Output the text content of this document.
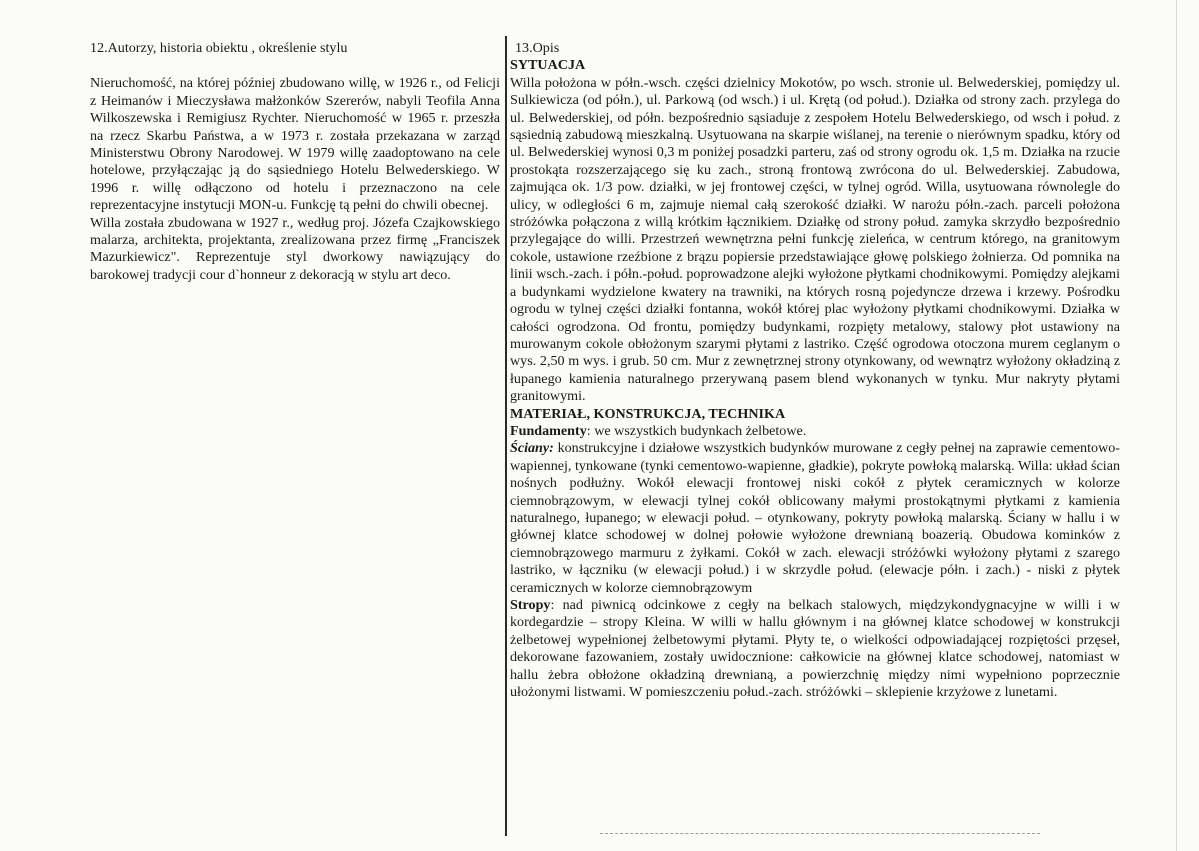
12.Autorzy, historia obiektu , określenie stylu

Nieruchomość, na której później zbudowano willę, w 1926 r., od Felicji z Heimanów i Mieczysława małżonków Szererów, nabyli Teofila Anna Wilkoszewska i Remigiusz Rychter. Nieruchomość w 1965 r. przeszła na rzecz Skarbu Państwa, a w 1973 r. została przekazana w zarząd Ministerstwu Obrony Narodowej. W 1979 willę zaadoptowano na cele hotelowe, przyłączając ją do sąsiedniego Hotelu Belwederskiego. W 1996 r. willę odłączono od hotelu i przeznaczono na cele reprezentacyjne instytucji MON-u. Funkcję tą pełni do chwili obecnej.

Willa została zbudowana w 1927 r., według proj. Józefa Czajkowskiego malarza, architekta, projektanta, zrealizowana przez firmę „Franciszek Mazurkiewicz". Reprezentuje styl dworkowy nawiązujący do barokowej tradycji cour d`honneur z dekoracją w stylu art deco.

13.Opis
SYTUACJA

Willa położona w półn.-wsch. części dzielnicy Mokotów, po wsch. stronie ul. Belwederskiej, pomiędzy ul. Sulkiewicza (od półn.), ul. Parkową (od wsch.) i ul. Krętą (od połud.). Działka od strony zach. przylega do ul. Belwederskiej, od półn. bezpośrednio sąsiaduje z zespołem Hotelu Belwederskiego, od wsch i połud. z sąsiednią zabudową mieszkalną. Usytuowana na skarpie wiślanej, na terenie o nierównym spadku, który od ul. Belwederskiej wynosi 0,3 m poniżej posadzki parteru, zaś od strony ogrodu ok. 1,5 m. Działka na rzucie prostokąta rozszerzającego się ku zach., stroną frontową zwrócona do ul. Belwederskiej. Zabudowa, zajmująca ok. 1/3 pow. działki, w jej frontowej części, w tylnej ogród. Willa, usytuowana równolegle do ulicy, w odległości 6 m, zajmuje niemal całą szerokość działki. W narożu półn.-zach. parceli położona stróżówka połączona z willą krótkim łącznikiem. Działkę od strony połud. zamyka skrzydło bezpośrednio przylegające do willi. Przestrzeń wewnętrzna pełni funkcję zieleńca, w centrum którego, na granitowym cokole, ustawione rzeźbione z brązu popiersie przedstawiające głowę polskiego żołnierza. Od pomnika na linii wsch.-zach. i półn.-połud. poprowadzone alejki wyłożone płytkami chodnikowymi. Pomiędzy alejkami a budynkami wydzielone kwatery na trawniki, na których rosną pojedyncze drzewa i krzewy. Pośrodku ogrodu w tylnej części działki fontanna, wokół której plac wyłożony płytkami chodnikowymi. Działka w całości ogrodzona. Od frontu, pomiędzy budynkami, rozpięty metalowy, stalowy płot ustawiony na murowanym cokole obłożonym szarymi płytami z lastriko. Część ogrodowa otoczona murem ceglanym o wys. 2,50 m wys. i grub. 50 cm. Mur z zewnętrznej strony otynkowany, od wewnątrz wyłożony okładziną z łupanego kamienia naturalnego przerywaną pasem blend wykonanych w tynku. Mur nakryty płytami granitowymi.

MATERIAŁ, KONSTRUKCJA, TECHNIKA

Fundamenty: we wszystkich budynkach żelbetowe.

Ściany: konstrukcyjne i działowe wszystkich budynków murowane z cegły pełnej na zaprawie cementowo-wapiennej, tynkowane (tynki cementowo-wapienne, gładkie), pokryte powłoką malarską. Willa: układ ścian nośnych podłużny. Wokół elewacji frontowej niski cokół z płytek ceramicznych w kolorze ciemnobrązowym, w elewacji tylnej cokół oblicowany małymi prostokątnymi płytkami z kamienia naturalnego, łupanego; w elewacji połud. – otynkowany, pokryty powłoką malarską. Ściany w hallu i w głównej klatce schodowej w dolnej połowie wyłożone drewnianą boazerią. Obudowa kominków z ciemnobrązowego marmuru z żyłkami. Cokół w zach. elewacji stróżówki wyłożony płytami z szarego lastriko, w łączniku (w elewacji połud.) i w skrzydle połud. (elewacje półn. i zach.) - niski z płytek ceramicznych w kolorze ciemnobrązowym

Stropy: nad piwnicą odcinkowe z cegły na belkach stalowych, międzykondygnacyjne w willi i w kordegardzie – stropy Kleina. W willi w hallu głównym i na głównej klatce schodowej w konstrukcji żelbetowej wypełnionej żelbetowymi płytami. Płyty te, o wielkości odpowiadającej rozpiętości przęseł, dekorowane fazowaniem, zostały uwidocznione: całkowicie na głównej klatce schodowej, natomiast w hallu żebra obłożone okładziną drewnianą, a powierzchnię między nimi wypełniono poprzecznie ułożonymi listwami. W pomieszczeniu połud.-zach. stróżówki – sklepienie krzyżowe z lunetami.
